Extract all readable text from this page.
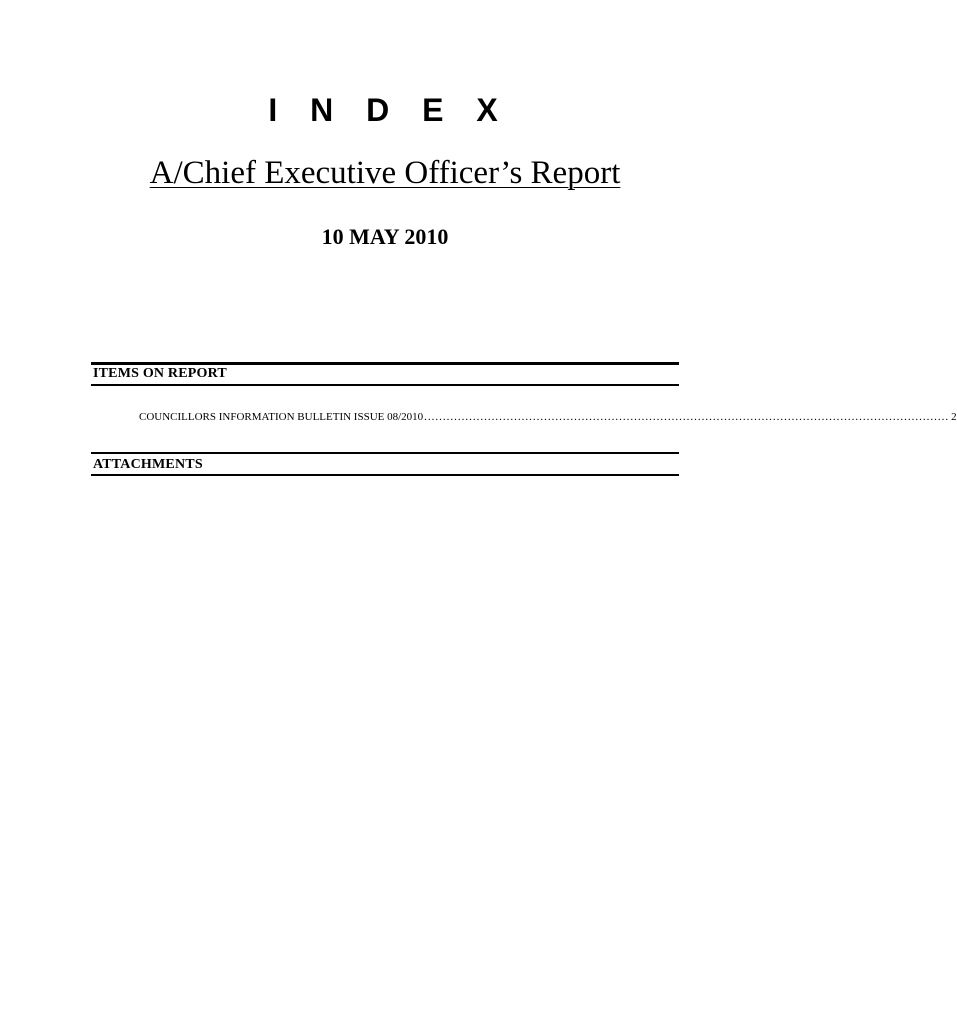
I N D E X
A/Chief Executive Officer’s Report
10 MAY 2010
ITEMS ON REPORT
COUNCILLORS INFORMATION BULLETIN ISSUE 08/2010 ............................................................................................................................................ 2
ATTACHMENTS
